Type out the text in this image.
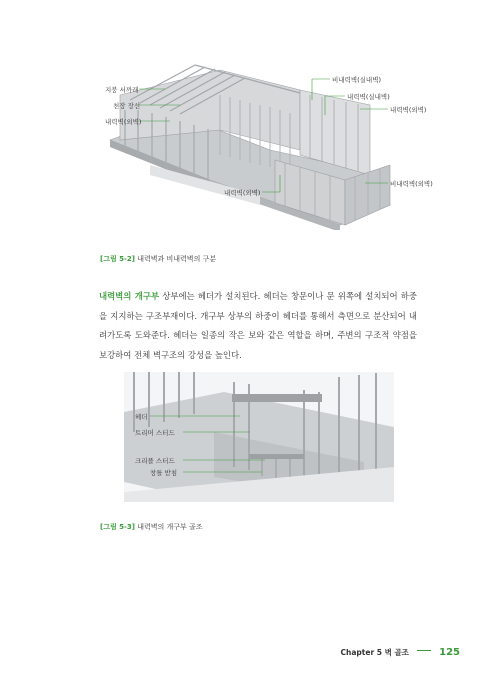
지붕 서까래
천장 장선
내력벽(외벽)
비내력벽(실내벽)
내력벽(실내벽)
내력벽(외벽)
비내력벽(외벽)
내력벽(외벽)
[그림 5-2] 내력벽과 비내력벽의 구분

내력벽의 개구부 상부에는 헤더가 설치된다. 헤더는 창문이나 문 위쪽에 설치되어 하중을 지지하는 구조부재이다. 개구부 상부의 하중이 헤더를 통해서 측면으로 분산되어 내려가도록 도와준다. 헤더는 일종의 작은 보와 같은 역할을 하며, 주변의 구조적 약점을 보강하여 전체 벽구조의 강성을 높인다.

헤더
트리머 스터드
크리플 스터드
창틀 받침
[그림 5-3] 내력벽의 개구부 골조
Chapter 5 벽 골조	125
